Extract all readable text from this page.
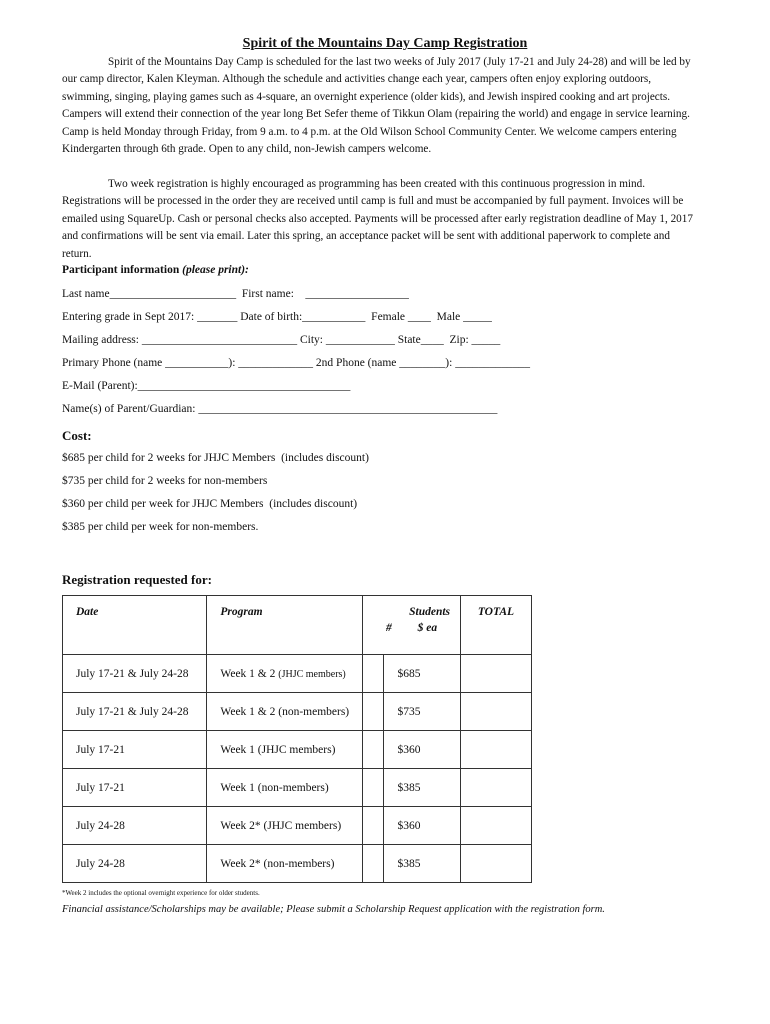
Spirit of the Mountains Day Camp Registration

Spirit of the Mountains Day Camp is scheduled for the last two weeks of July 2017 (July 17-21 and July 24-28) and will be led by our camp director, Kalen Kleyman. Although the schedule and activities change each year, campers often enjoy exploring outdoors, swimming, singing, playing games such as 4-square, an overnight experience (older kids), and Jewish inspired cooking and art projects. Campers will extend their connection of the year long Bet Sefer theme of Tikkun Olam (repairing the world) and engage in service learning. Camp is held Monday through Friday, from 9 a.m. to 4 p.m. at the Old Wilson School Community Center. We welcome campers entering Kindergarten through 6th grade. Open to any child, non-Jewish campers welcome.

Two week registration is highly encouraged as programming has been created with this continuous progression in mind. Registrations will be processed in the order they are received until camp is full and must be accompanied by full payment. Invoices will be emailed using SquareUp. Cash or personal checks also accepted. Payments will be processed after early registration deadline of May 1, 2017 and confirmations will be sent via email. Later this spring, an acceptance packet will be sent with additional paperwork to complete and return.

Participant information (please print):
Last name______________________  First name:    __________________
Entering grade in Sept 2017: _______ Date of birth:___________  Female ____  Male _____
Mailing address: ___________________________ City: ____________ State____  Zip: _____
Primary Phone (name ___________): _____________ 2nd Phone (name ________): _____________
E-Mail (Parent):_____________________________________
Name(s) of Parent/Guardian: ____________________________________________________
Cost:
$685 per child for 2 weeks for JHJC Members  (includes discount)
$735 per child for 2 weeks for non-members
$360 per child per week for JHJC Members  (includes discount)
$385 per child per week for non-members.
Registration requested for:
Date	Program	Students
# $ ea		TOTAL
July 17-21 & July 24-28	Week 1 & 2 (JHJC members)		$685	
July 17-21 & July 24-28	Week 1 & 2 (non-members)		$735	
July 17-21	Week 1 (JHJC members)		$360	
July 17-21	Week 1 (non-members)		$385	
July 24-28	Week 2* (JHJC members)		$360	
July 24-28	Week 2* (non-members)		$385	
*Week 2 includes the optional overnight experience for older students.
Financial assistance/Scholarships may be available; Please submit a Scholarship Request application with the registration form.
